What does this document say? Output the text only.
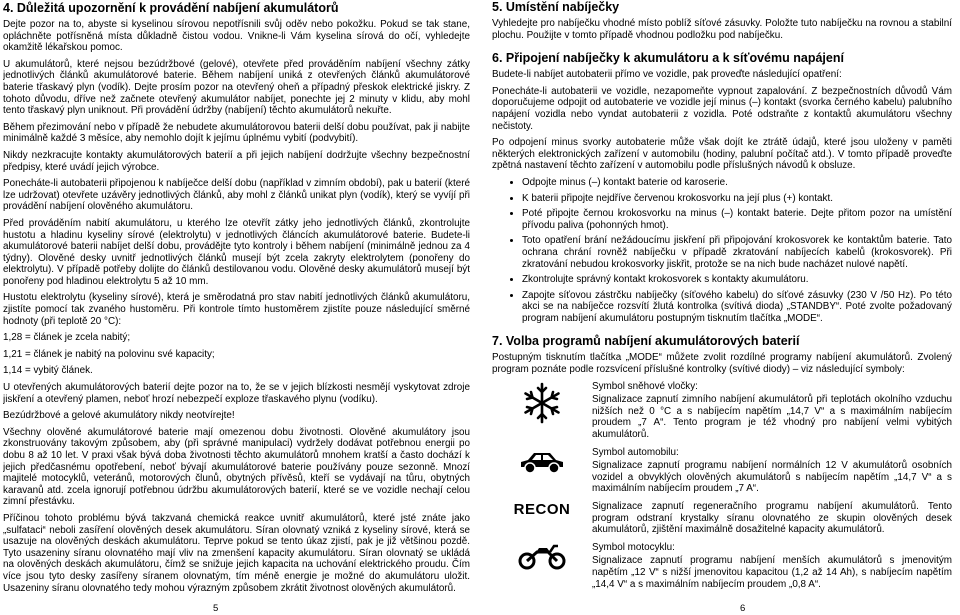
4. Důležitá upozornění k provádění nabíjení akumulátorů

Dejte pozor na to, abyste si kyselinou sírovou nepotřísnili svůj oděv nebo pokožku. Pokud se tak stane, opláchněte potřísněná místa důkladně čistou vodou. Vnikne-li Vám kyselina sírová do očí, vyhledejte okamžitě lékařskou pomoc.

U akumulátorů, které nejsou bezúdržbové (gelové), otevřete před prováděním nabíjení všechny zátky jednotlivých článků akumulátorové baterie. Během nabíjení uniká z otevřených článků akumulátorové baterie třaskavý plyn (vodík). Dejte prosím pozor na otevřený oheň a případný přeskok elektrické jiskry. Z tohoto důvodu, dříve než začnete otevřený akumulátor nabíjet, ponechte jej 2 minuty v klidu, aby mohl tento třaskavý plyn uniknout. Při provádění údržby (nabíjení) těchto akumulátorů nekuřte.

Během přezimování nebo v případě že nebudete akumulátorovou baterii delší dobu používat, pak ji nabijte minimálně každé 3 měsíce, aby nemohlo dojít k jejímu úplnému vybití (podvybití).

Nikdy nezkracujte kontakty akumulátorových baterií a při jejich nabíjení dodržujte všechny bezpečnostní předpisy, které uvádí jejich výrobce.

Ponecháte-li autobaterii připojenou k nabíječce delší dobu (například v zimním období), pak u baterií (které lze udržovat) otevřete uzávěry jednotlivých článků, aby mohl z článků unikat plyn (vodík), který se vyvíjí při provádění nabíjení olověného akumulátoru.

Před prováděním nabití akumulátoru, u kterého lze otevřít zátky jeho jednotlivých článků, zkontrolujte hustotu a hladinu kyseliny sírové (elektrolytu) v jednotlivých článcích akumulátorové baterie. Budete-li akumulátorové baterii nabíjet delší dobu, provádějte tyto kontroly i během nabíjení (minimálně jednou za 4 týdny). Olověné desky uvnitř jednotlivých článků musejí být zcela zakryty elektrolytem (ponořeny do elektrolytu). V případě potřeby dolijte do článků destilovanou vodu. Olověné desky akumulátorů musejí být ponořeny pod hladinou elektrolytu 5 až 10 mm.

Hustotu elektrolytu (kyseliny sírové), která je směrodatná pro stav nabití jednotlivých článků akumulátoru, zjistíte pomocí tak zvaného hustoměru. Při kontrole tímto hustoměrem zjistíte pouze následující směrné hodnoty (při teplotě 20 °C):

1,28 = článek je zcela nabitý;

1,21 = článek je nabitý na polovinu své kapacity;

1,14 = vybitý článek.

U otevřených akumulátorových baterií dejte pozor na to, že se v jejich blízkosti nesmějí vyskytovat zdroje jiskření a otevřený plamen, neboť hrozí nebezpečí exploze třaskavého plynu (vodíku).

Bezúdržbové a gelové akumulátory nikdy neotvírejte!

Všechny olověné akumulátorové baterie mají omezenou dobu životnosti. Olověné akumulátory jsou zkonstruovány takovým způsobem, aby (při správné manipulaci) vydržely dodávat potřebnou energii po dobu 8 až 10 let. V praxi však bývá doba životnosti těchto akumulátorů mnohem kratší a často dochází k jejich předčasnému opotřebení, neboť bývají akumulátorové baterie používány pouze sezonně. Mnozí majitelé motocyklů, veteránů, motorových člunů, obytných přívěsů, kteří se vydávají na tůru, obytných karavanů atd. zcela ignorují potřebnou údržbu akumulátorových baterií, které se ve vozidle nechají celou zimní přestávku.

Příčinou tohoto problému bývá takzvaná chemická reakce uvnitř akumulátorů, které jsté znáte jako „sulfataci“ neboli zasíření olověných desek akumulátoru. Síran olovnatý vzniká z kyseliny sírové, která se usazuje na olověných deskách akumulátoru. Teprve pokud se tento úkaz zjistí, pak je již většinou pozdě. Tyto usazeniny síranu olovnatého mají vliv na zmenšení kapacity akumulátoru. Síran olovnatý se ukládá na olověných deskách akumulátoru, čímž se snižuje jejich kapacita na uchování elektrického proudu. Čím více jsou tyto desky zasířeny síranem olovnatým, tím méně energie je možné do akumulátoru uložit. Usazeniny síranu olovnatého tedy mohou výrazným způsobem zkrátit životnost olověných akumulátorů.

5
5. Umístění nabíječky

Vyhledejte pro nabíječku vhodné místo poblíž síťové zásuvky. Položte tuto nabíječku na rovnou a stabilní plochu. Použijte v tomto případě vhodnou podložku pod nabíječku.

6. Připojení nabíječky k akumulátoru a k síťovému napájení

Budete-li nabíjet autobaterii přímo ve vozidle, pak proveďte následující opatření:

Ponecháte-li autobaterii ve vozidle, nezapomeňte vypnout zapalování. Z bezpečnostních důvodů Vám doporučujeme odpojit od autobaterie ve vozidle její minus (–) kontakt (svorka černého kabelu) palubního napájení vozidla nebo vyndat autobaterii z vozidla. Poté odstraňte z kontaktů akumulátoru všechny nečistoty.

Po odpojení minus svorky autobaterie může však dojít ke ztrátě údajů, které jsou uloženy v paměti některých elektronických zařízení v automobilu (hodiny, palubní počítač atd.). V tomto případě proveďte zpětná nastavení těchto zařízení v automobilu podle příslušných návodů k obsluze.

• Odpojte minus (–) kontakt baterie od karoserie.
• K baterii připojte nejdříve červenou krokosvorku na její plus (+) kontakt.
• Poté připojte černou krokosvorku na minus (–) kontakt baterie. Dejte přitom pozor na umístění přívodu paliva (pohonných hmot).
• Toto opatření brání nežádoucímu jiskření při připojování krokosvorek ke kontaktům baterie. Tato ochrana chrání rovněž nabíječku v případě zkratování nabíjecích kabelů (krokosvorek). Při zkratování nebudou krokosvorky jiskřit, protože se na nich bude nacházet nulové napětí.
• Zkontrolujte správný kontakt krokosvorek s kontakty akumulátoru.
• Zapojte síťovou zástrčku nabíječky (síťového kabelu) do síťové zásuvky (230 V /50 Hz). Po této akci se na nabíječce rozsvítí žlutá kontrolka (svítivá dioda) „STANDBY“. Poté zvolte požadovaný program nabíjení akumulátoru postupným tisknutím tlačítka „MODE“.
7. Volba programů nabíjení akumulátorových baterií

Postupným tisknutím tlačítka „MODE“ můžete zvolit rozdílné programy nabíjení akumulátorů. Zvolený program poznáte podle rozsvícení příslušné kontrolky (svítivé diody) – viz následující symboly:

Symbol sněhové vločky:

Signalizace zapnutí zimního nabíjení akumulátorů při teplotách okolního vzduchu nižších než 0 °C a s nabíjecím napětím „14,7 V“ a s maximálním nabíjecím proudem „7 A“. Tento program je též vhodný pro nabíjení velmi vybitých akumulátorů.

Symbol automobilu:

Signalizace zapnutí programu nabíjení normálních 12 V akumulátorů osobních vozidel a obvyklých olověných akumulátorů s nabíjecím napětím „14,7 V“ a s maximálním nabíjecím proudem „7 A“.

RECON Signalizace zapnutí regeneračního programu nabíjení akumulátorů. Tento program odstraní krystalky síranu olovnatého ze skupin olověných desek akumulátorů, zjištění maximálně dosažitelné kapacity akumulátorů.

Symbol motocyklu:

Signalizace zapnutí programu nabíjení menších akumulátorů s jmenovitým napětím „12 V“ s nižší jmenovitou kapacitou (1,2 až 14 Ah), s nabíjecím napětím „14,4 V“ a s maximálním nabíjecím proudem „0,8 A“.

6
